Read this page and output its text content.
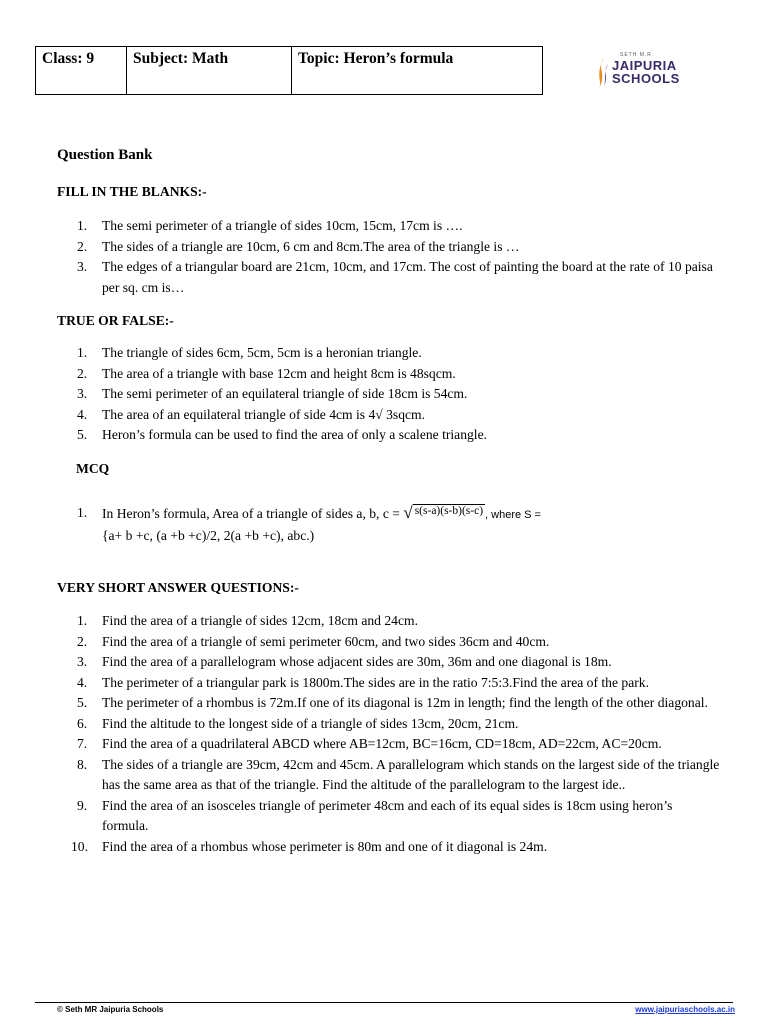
Class: 9	Subject: Math	Topic: Heron’s formula	SETH M.R.
JAIPURIA
SCHOOLS
Question Bank
FILL IN THE BLANKS:-
1. The semi perimeter of a triangle of sides 10cm, 15cm, 17cm is ….
2. The sides of a triangle are 10cm, 6 cm and 8cm.The area of the triangle is …
3. The edges of a triangular board are 21cm, 10cm, and 17cm. The cost of painting the board at the rate of 10 paisa per sq. cm is…
TRUE OR FALSE:-
1. The triangle of sides 6cm, 5cm, 5cm is a heronian triangle.
2. The area of a triangle with base 12cm and height 8cm is 48sqcm.
3. The semi perimeter of an equilateral triangle of side 18cm is 54cm.
4. The area of an equilateral triangle of side 4cm is 4√ 3sqcm.
5. Heron’s formula can be used to find the area of only a scalene triangle.
MCQ
1. In Heron’s formula, Area of a triangle of sides a, b, c = √ $^{s(s-a)(s-b)(s-c)}$ , where S =
{a+ b +c, (a +b +c)/2, 2(a +b +c), abc.)
VERY SHORT ANSWER QUESTIONS:-
1. Find the area of a triangle of sides 12cm, 18cm and 24cm.
2. Find the area of a triangle of semi perimeter 60cm, and two sides 36cm and 40cm.
3. Find the area of a parallelogram whose adjacent sides are 30m, 36m and one diagonal is 18m.
4. The perimeter of a triangular park is 1800m.The sides are in the ratio 7:5:3.Find the area of the park.
5. The perimeter of a rhombus is 72m.If one of its diagonal is 12m in length; find the length of the other diagonal.
6. Find the altitude to the longest side of a triangle of sides 13cm, 20cm, 21cm.
7. Find the area of a quadrilateral ABCD where AB=12cm, BC=16cm, CD=18cm, AD=22cm, AC=20cm.
8. The sides of a triangle are 39cm, 42cm and 45cm. A parallelogram which stands on the largest side of the triangle has the same area as that of the triangle. Find the altitude of the parallelogram to the largest ide..
9. Find the area of an isosceles triangle of perimeter 48cm and each of its equal sides is 18cm using heron’s formula.
10. Find the area of a rhombus whose perimeter is 80m and one of it diagonal is 24m.
© Seth MR Jaipuria Schools	www.jaipuriaschools.ac.in
